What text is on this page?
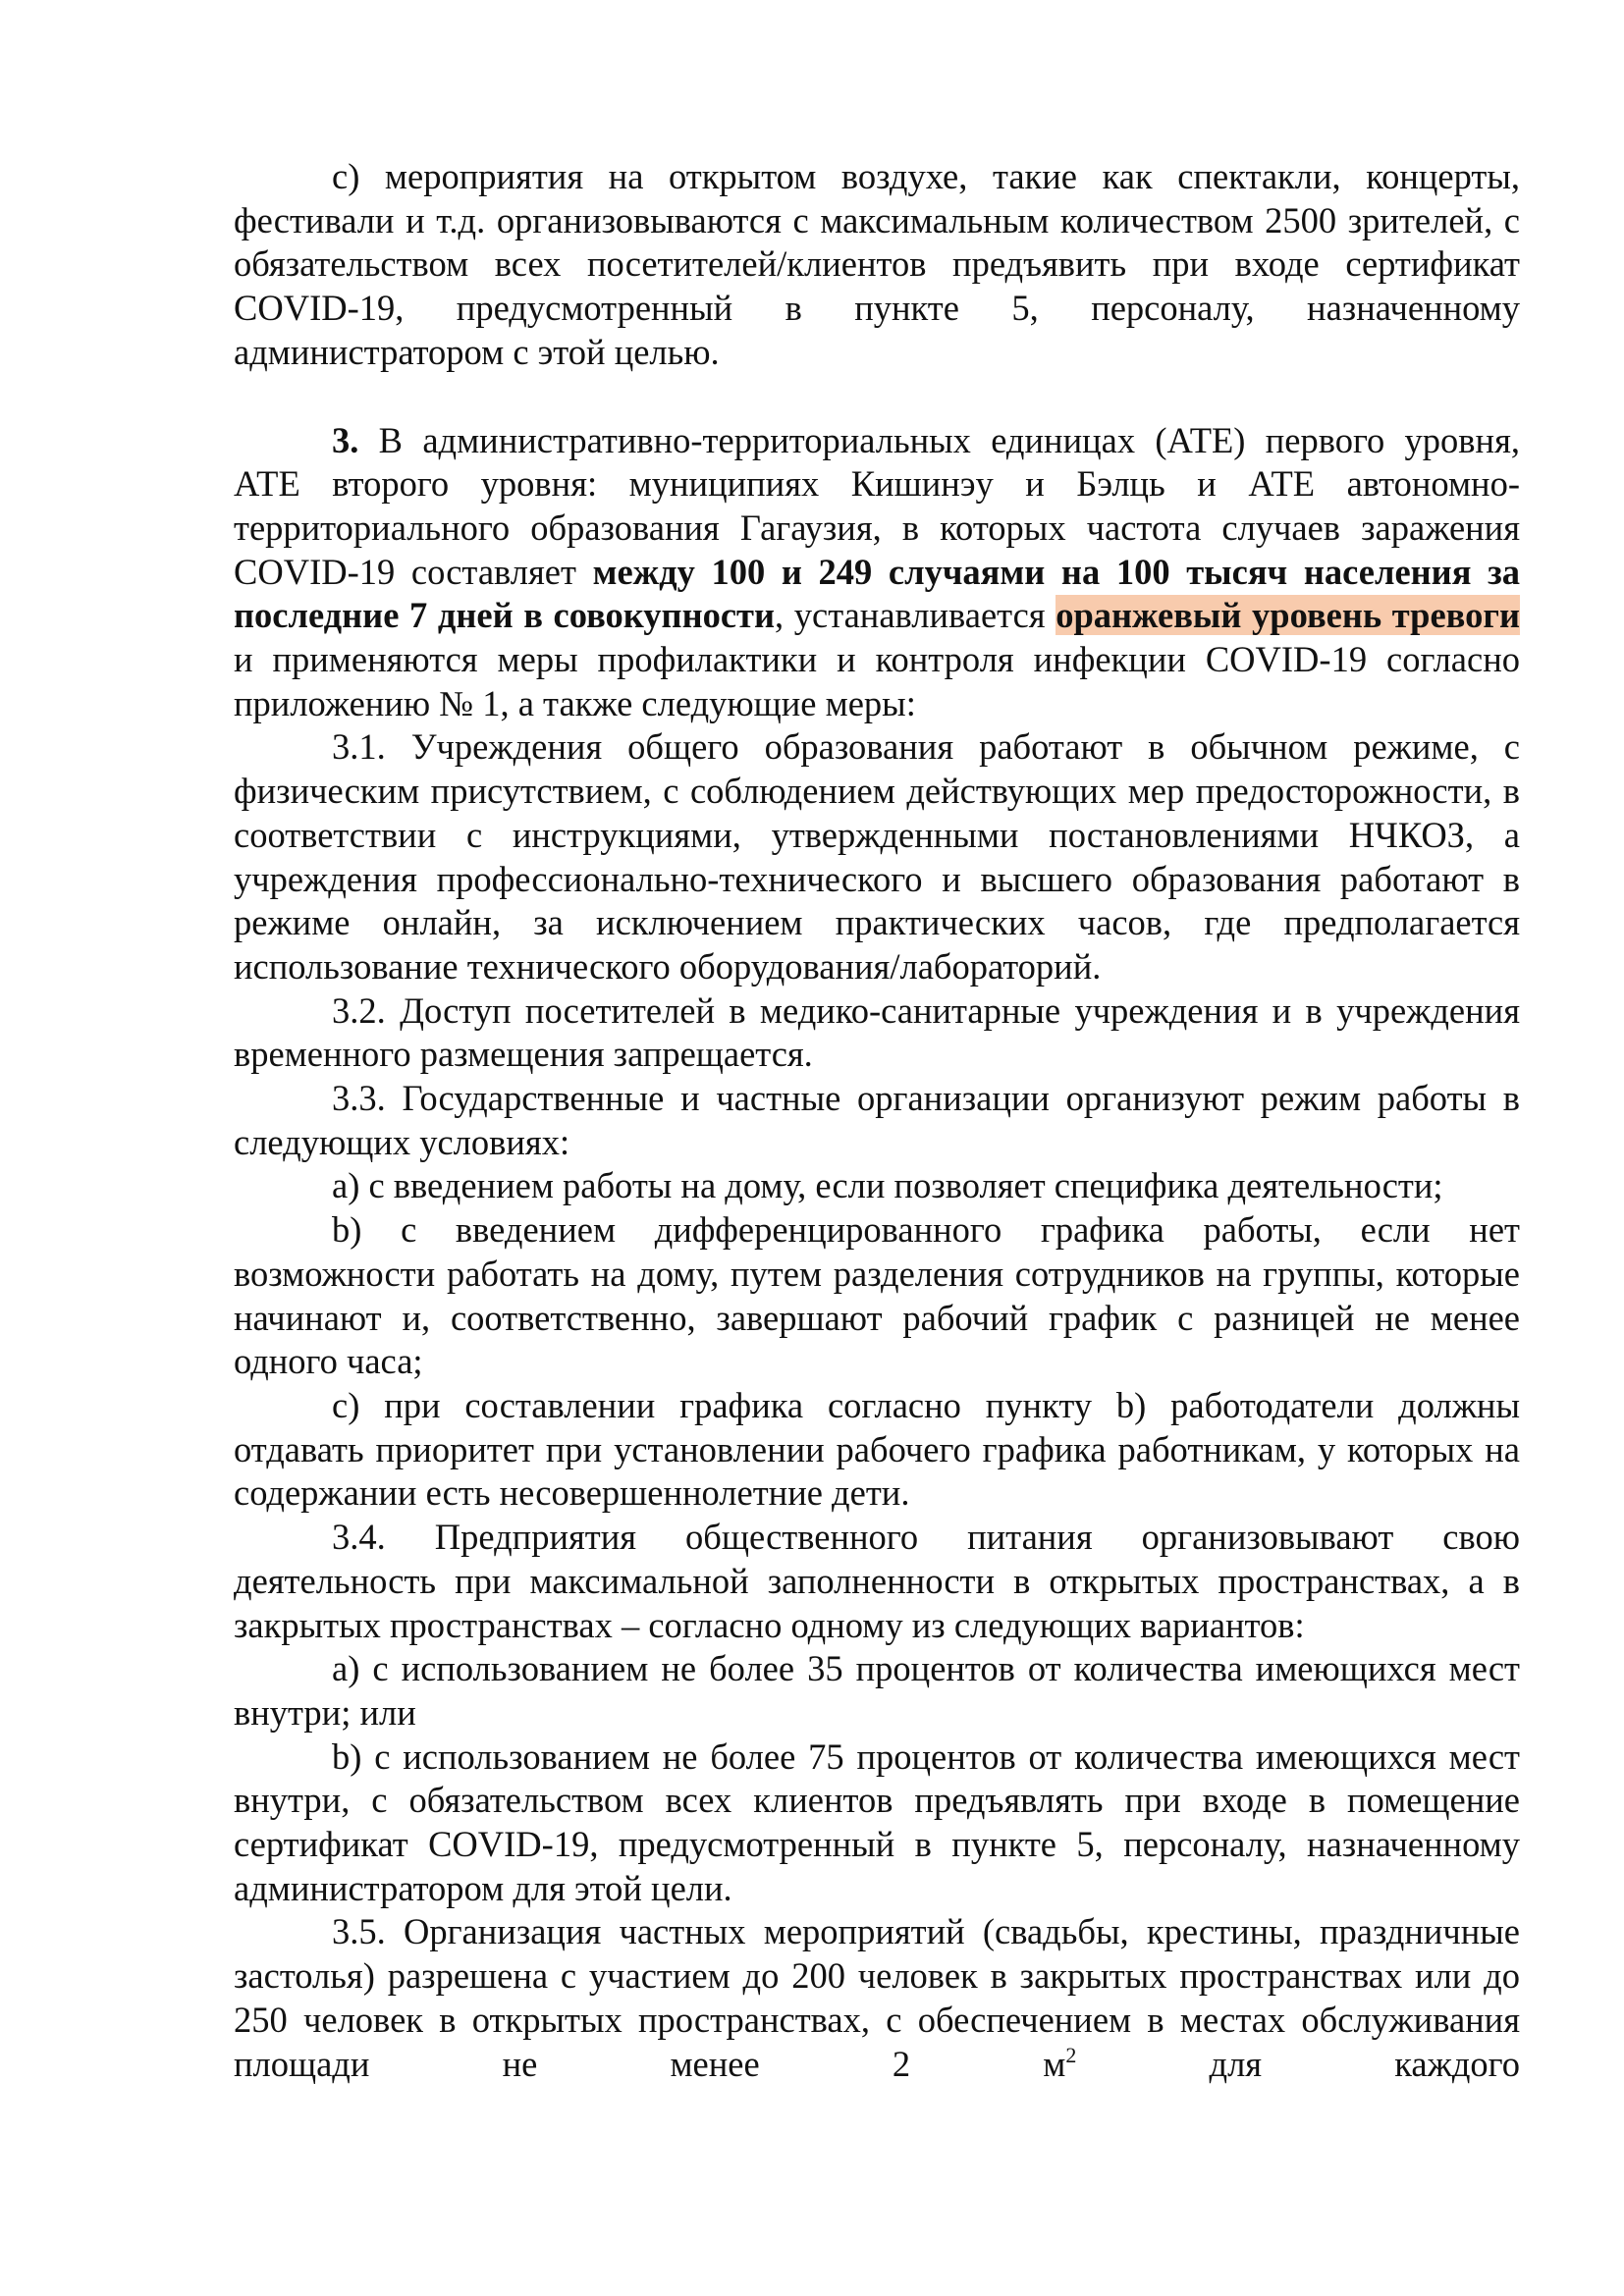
c) мероприятия на открытом воздухе, такие как спектакли, концерты, фестивали и т.д. организовываются с максимальным количеством 2500 зрителей, с обязательством всех посетителей/клиентов предъявить при входе сертификат COVID-19, предусмотренный в пункте 5, персоналу, назначенному администратором с этой целью.

3. В административно-территориальных единицах (АТЕ) первого уровня, АТЕ второго уровня: муниципиях Кишинэу и Бэлць и АТЕ автономно-территориального образования Гагаузия, в которых частота случаев заражения COVID-19 составляет между 100 и 249 случаями на 100 тысяч населения за последние 7 дней в совокупности, устанавливается оранжевый уровень тревоги и применяются меры профилактики и контроля инфекции COVID-19 согласно приложению № 1, а также следующие меры:

3.1. Учреждения общего образования работают в обычном режиме, с физическим присутствием, с соблюдением действующих мер предосторожности, в соответствии с инструкциями, утвержденными постановлениями НЧКОЗ, а учреждения профессионально-технического и высшего образования работают в режиме онлайн, за исключением практических часов, где предполагается использование технического оборудования/лабораторий.

3.2. Доступ посетителей в медико-санитарные учреждения и в учреждения временного размещения запрещается.

3.3. Государственные и частные организации организуют режим работы в следующих условиях:

a) с введением работы на дому, если позволяет специфика деятельности;

b) с введением дифференцированного графика работы, если нет возможности работать на дому, путем разделения сотрудников на группы, которые начинают и, соответственно, завершают рабочий график с разницей не менее одного часа;

c) при составлении графика согласно пункту b) работодатели должны отдавать приоритет при установлении рабочего графика работникам, у которых на содержании есть несовершеннолетние дети.

3.4. Предприятия общественного питания организовывают свою деятельность при максимальной заполненности в открытых пространствах, а в закрытых пространствах – согласно одному из следующих вариантов:

a) с использованием не более 35 процентов от количества имеющихся мест внутри; или

b) с использованием не более 75 процентов от количества имеющихся мест внутри, с обязательством всех клиентов предъявлять при входе в помещение сертификат COVID-19, предусмотренный в пункте 5, персоналу, назначенному администратором для этой цели.

3.5. Организация частных мероприятий (свадьбы, крестины, праздничные застолья) разрешена с участием до 200 человек в закрытых пространствах или до 250 человек в открытых пространствах, с обеспечением в местах обслуживания площади не менее 2 $м^2$ для каждого
